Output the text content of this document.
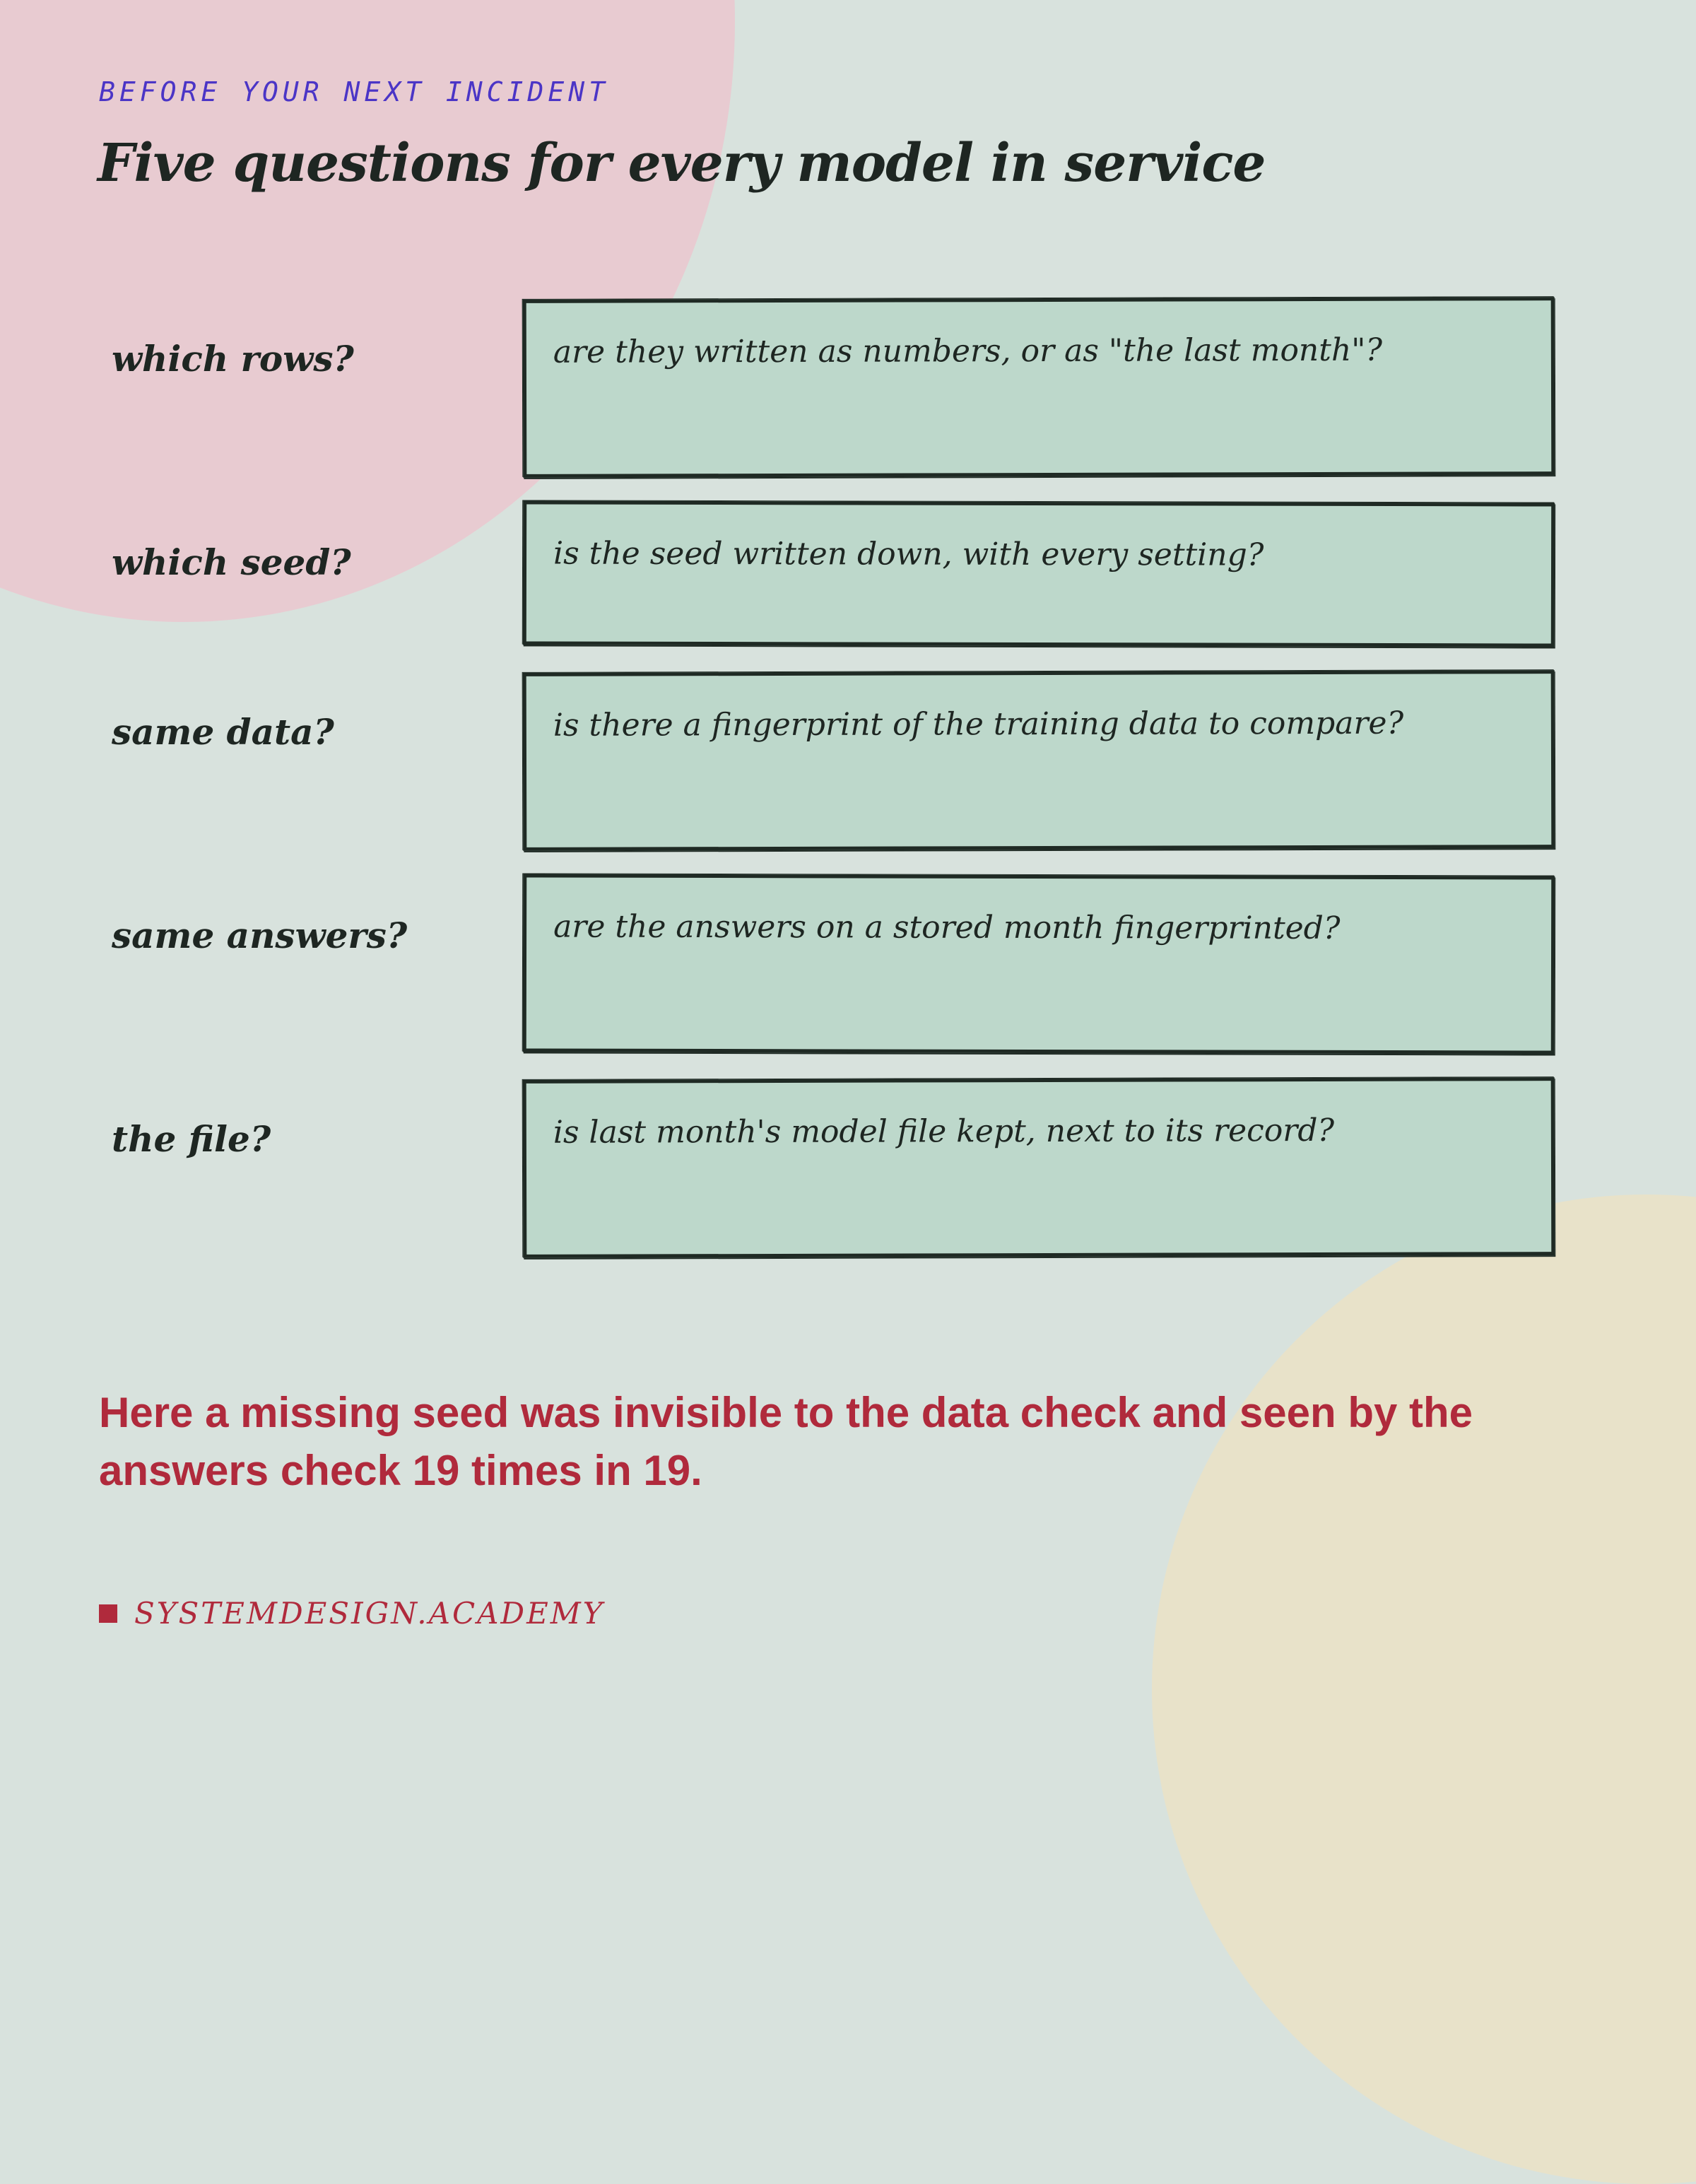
BEFORE YOUR NEXT INCIDENT
Five questions for every model in service
which rows?	are they written as numbers, or as "the last month"?
which seed?	is the seed written down, with every setting?
same data?	is there a fingerprint of the training data to compare?
same answers?	are the answers on a stored month fingerprinted?
the file?	is last month's model file kept, next to its record?
Here a missing seed was invisible to the data check and seen by the answers check 19 times in 19.
SYSTEMDESIGN.ACADEMY
